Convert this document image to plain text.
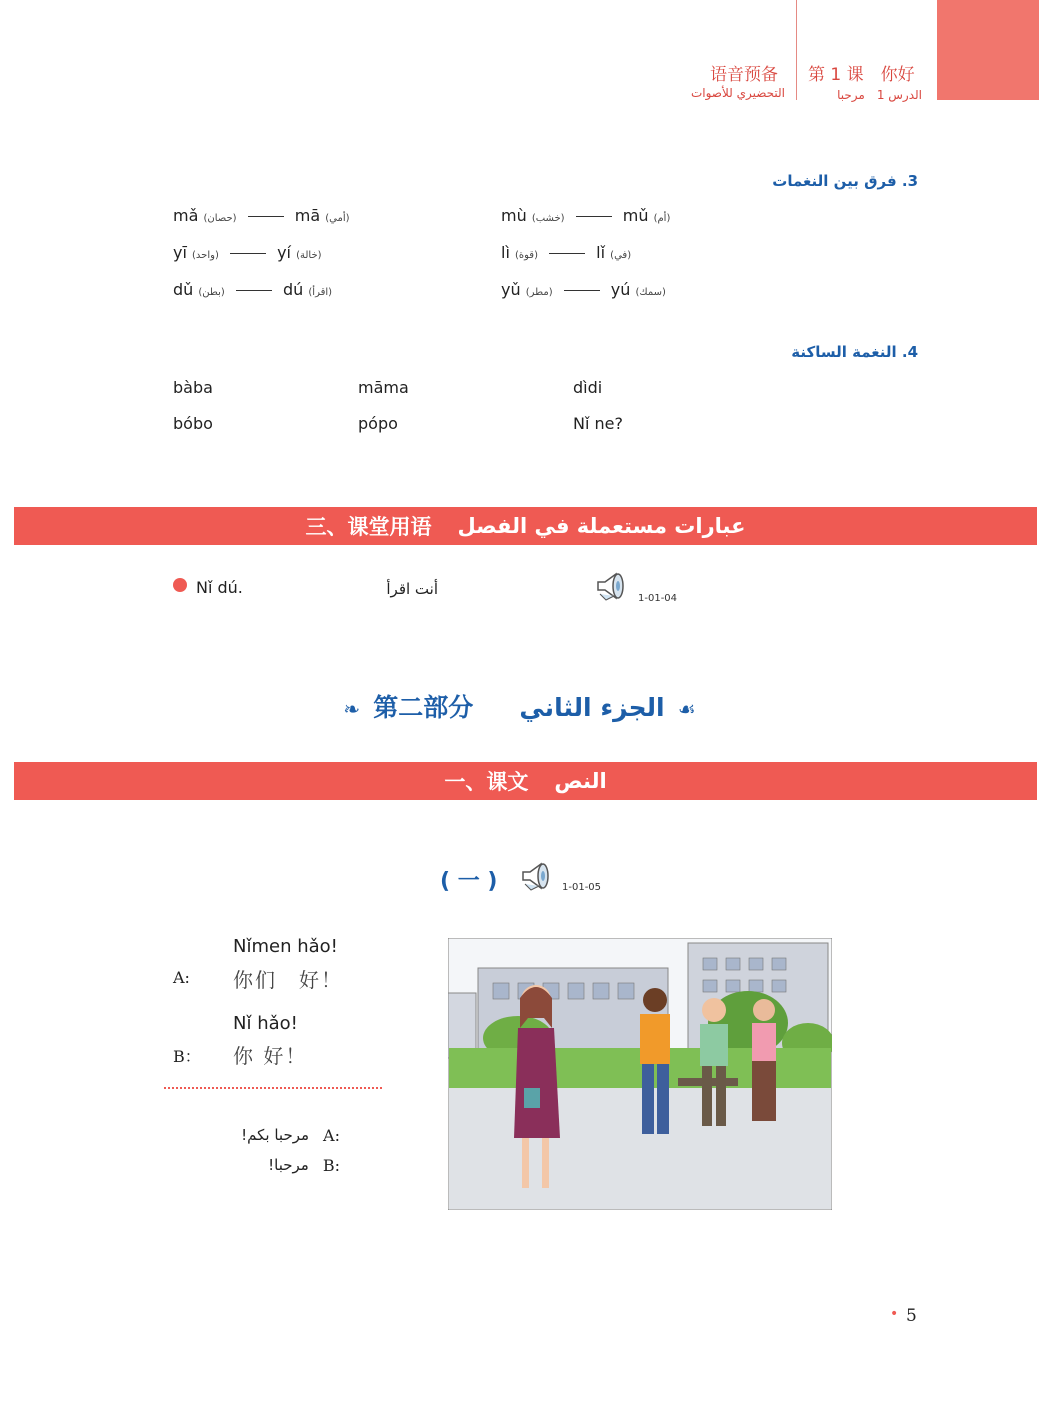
语音预备
التحضيري للأصوات
第 1 课　你好
الدرس 1　مرحبا
3. فرق بين النغمات
mǎ (حصان)	mā (أمي)
yī (واحد)	yí (خالة)
dǔ (بطن)	dú (اقرأ)
mù (خشب)	mǔ (أم)
lì (قوة)	lǐ (في)
yǔ (مطر)	yú (سمك)
4. النغمة الساكنة
bàba	māma	dìdi
bóbo	pópo	Nǐ ne?
三、课堂用语 عبارات مستعملة في الفصل
Nǐ dú.	أنت اقرأ
1-01-04
❧ 第二部分 الجزء الثاني ☙
一、课文 النص
( 一 )	1-01-05
Nǐmen hǎo!
A: 你们　好！
Nǐ hǎo!
B： 你 好！
مرحبا بكم! A:
مرحبا! B:
• 5
